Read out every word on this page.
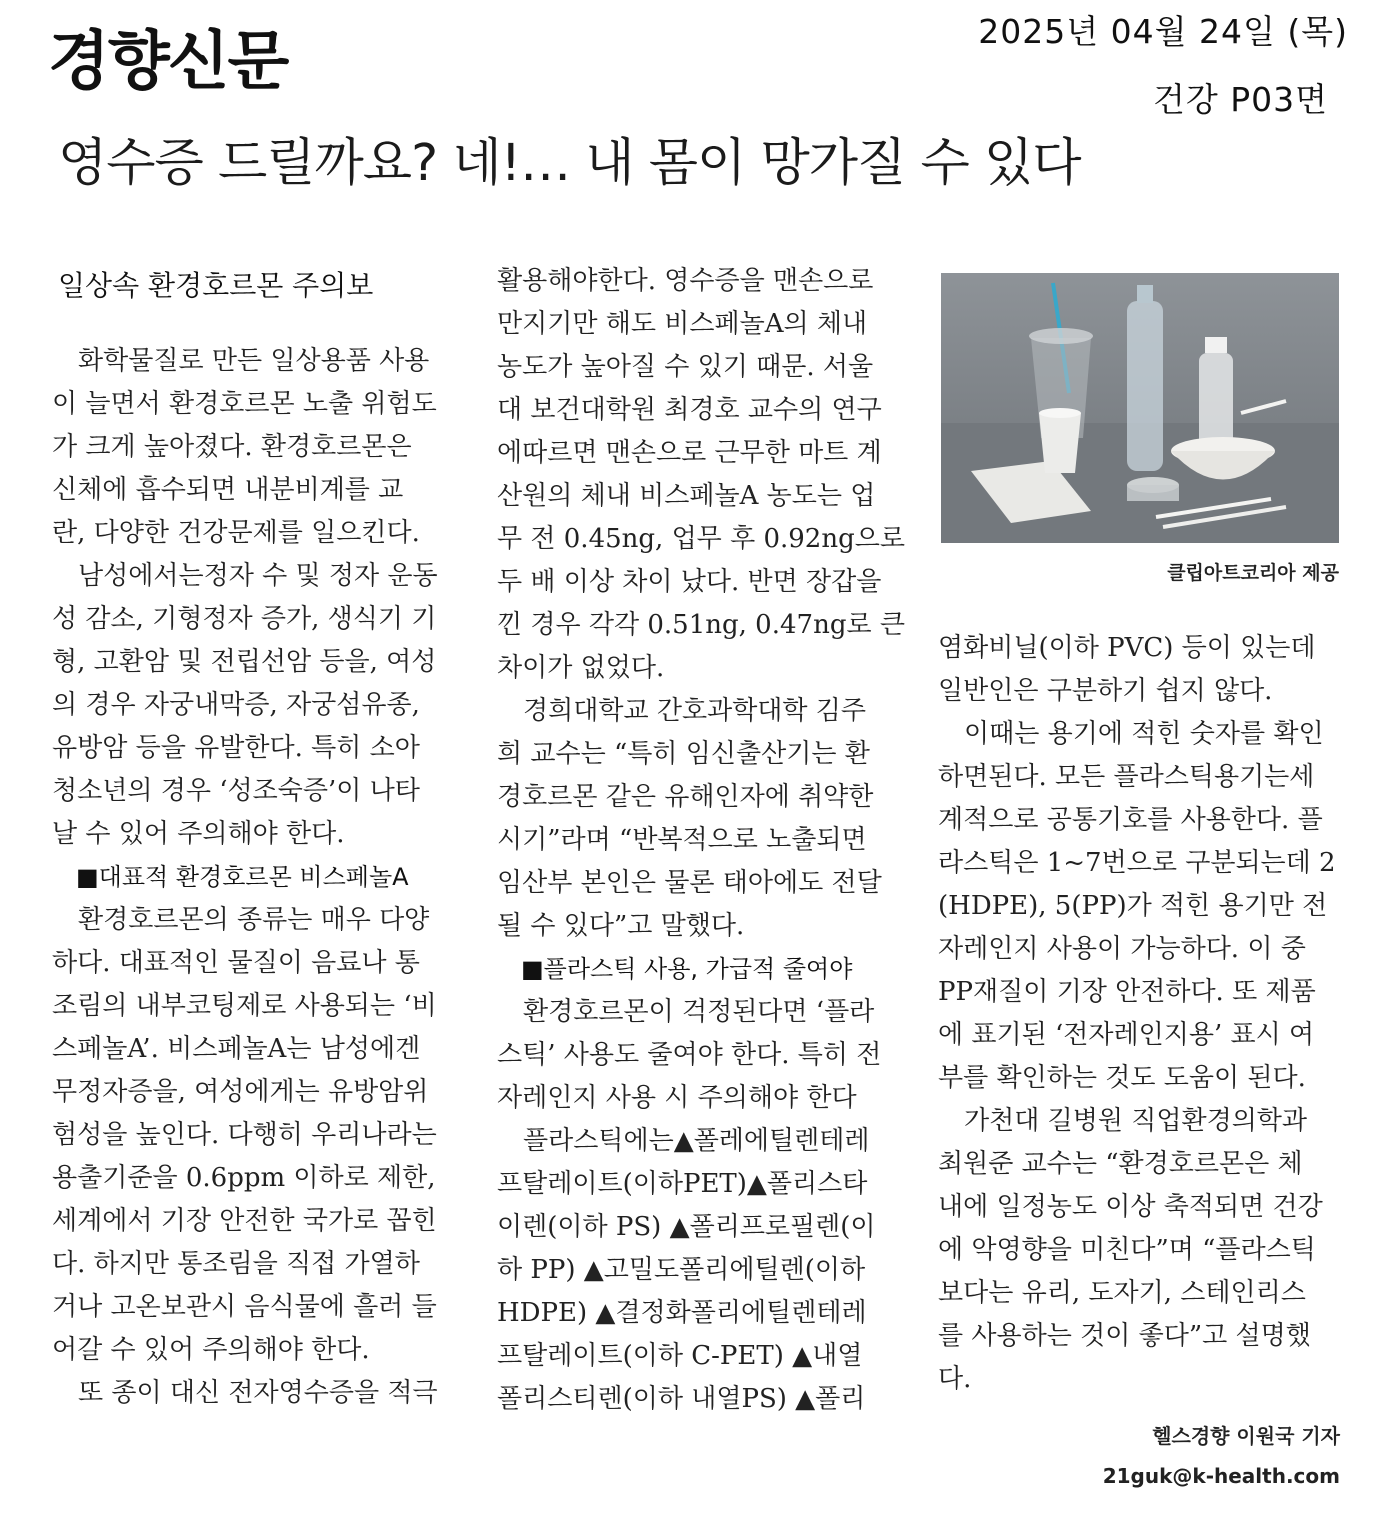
경향신문	2025년 04월 24일 (목)
건강 P03면
영수증 드릴까요? 네!… 내 몸이 망가질 수 있다
일상속 환경호르몬 주의보

 화학물질로 만든 일상용품 사용

이 늘면서 환경호르몬 노출 위험도

가 크게 높아졌다. 환경호르몬은

신체에 흡수되면 내분비계를 교

란, 다양한 건강문제를 일으킨다.

 남성에서는정자 수 및 정자 운동

성 감소, 기형정자 증가, 생식기 기

형, 고환암 및 전립선암 등을, 여성

의 경우 자궁내막증, 자궁섬유종,

유방암 등을 유발한다. 특히 소아

청소년의 경우 ‘성조숙증’이 나타

날 수 있어 주의해야 한다.

 ■대표적 환경호르몬 비스페놀A

 환경호르몬의 종류는 매우 다양

하다. 대표적인 물질이 음료나 통

조림의 내부코팅제로 사용되는 ‘비

스페놀A’. 비스페놀A는 남성에겐

무정자증을, 여성에게는 유방암위

험성을 높인다. 다행히 우리나라는

용출기준을 0.6ppm 이하로 제한,

세계에서 기장 안전한 국가로 꼽힌

다. 하지만 통조림을 직접 가열하

거나 고온보관시 음식물에 흘러 들

어갈 수 있어 주의해야 한다.

 또 종이 대신 전자영수증을 적극

활용해야한다. 영수증을 맨손으로

만지기만 해도 비스페놀A의 체내

농도가 높아질 수 있기 때문. 서울

대 보건대학원 최경호 교수의 연구

에따르면 맨손으로 근무한 마트 계

산원의 체내 비스페놀A 농도는 업

무 전 0.45ng, 업무 후 0.92ng으로

두 배 이상 차이 났다. 반면 장갑을

낀 경우 각각 0.51ng, 0.47ng로 큰

차이가 없었다.

 경희대학교 간호과학대학 김주

희 교수는 “특히 임신출산기는 환

경호르몬 같은 유해인자에 취약한

시기”라며 “반복적으로 노출되면

임산부 본인은 물론 태아에도 전달

될 수 있다”고 말했다.

 ■플라스틱 사용, 가급적 줄여야

 환경호르몬이 걱정된다면 ‘플라

스틱’ 사용도 줄여야 한다. 특히 전

자레인지 사용 시 주의해야 한다

 플라스틱에는▲폴레에틸렌테레

프탈레이트(이하PET)▲폴리스타

이렌(이하 PS) ▲폴리프로필렌(이

하 PP) ▲고밀도폴리에틸렌(이하

HDPE) ▲결정화폴리에틸렌테레

프탈레이트(이하 C-PET) ▲내열

폴리스티렌(이하 내열PS) ▲폴리

클립아트코리아 제공

염화비닐(이하 PVC) 등이 있는데

일반인은 구분하기 쉽지 않다.

 이때는 용기에 적힌 숫자를 확인

하면된다. 모든 플라스틱용기는세

계적으로 공통기호를 사용한다. 플

라스틱은 1~7번으로 구분되는데 2

(HDPE), 5(PP)가 적힌 용기만 전

자레인지 사용이 가능하다. 이 중

PP재질이 기장 안전하다. 또 제품

에 표기된 ‘전자레인지용’ 표시 여

부를 확인하는 것도 도움이 된다.

 가천대 길병원 직업환경의학과

최원준 교수는 “환경호르몬은 체

내에 일정농도 이상 축적되면 건강

에 악영향을 미친다”며 “플라스틱

보다는 유리, 도자기, 스테인리스

를 사용하는 것이 좋다”고 설명했

다.

헬스경향 이원국 기자
21guk@k-health.com
